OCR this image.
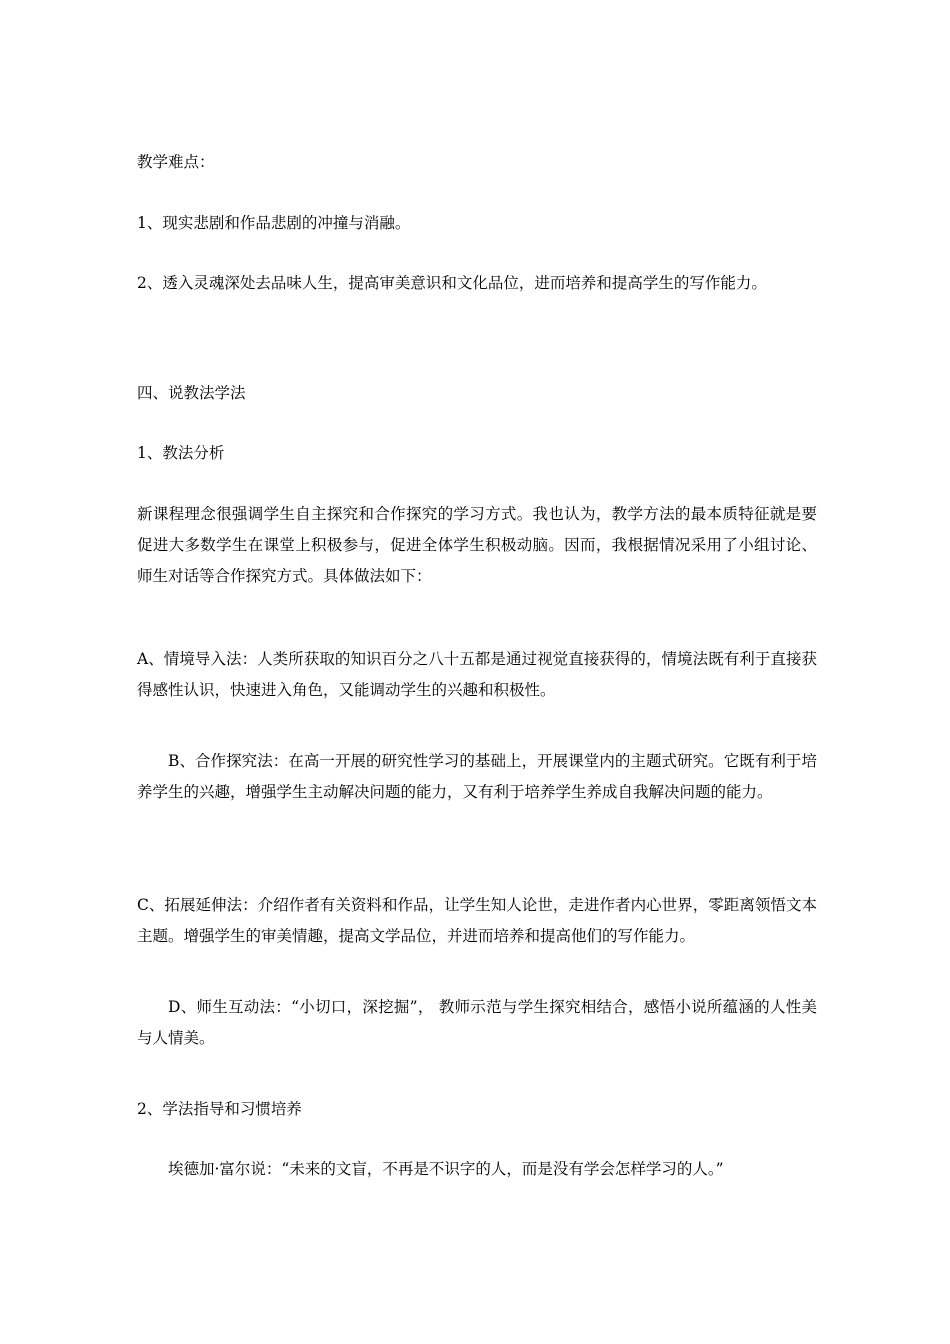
教学难点：
1、现实悲剧和作品悲剧的冲撞与消融。
2、透入灵魂深处去品味人生，提高审美意识和文化品位，进而培养和提高学生的写作能力。
四、说教法学法
1、教法分析
新课程理念很强调学生自主探究和合作探究的学习方式。我也认为，教学方法的最本质特征就是要促进大多数学生在课堂上积极参与，促进全体学生积极动脑。因而，我根据情况采用了小组讨论、师生对话等合作探究方式。具体做法如下：
A、情境导入法：人类所获取的知识百分之八十五都是通过视觉直接获得的，情境法既有利于直接获得感性认识，快速进入角色，又能调动学生的兴趣和积极性。
B、合作探究法：在高一开展的研究性学习的基础上，开展课堂内的主题式研究。它既有利于培养学生的兴趣，增强学生主动解决问题的能力，又有利于培养学生养成自我解决问题的能力。
C、拓展延伸法：介绍作者有关资料和作品，让学生知人论世，走进作者内心世界，零距离领悟文本主题。增强学生的审美情趣，提高文学品位，并进而培养和提高他们的写作能力。
D、师生互动法：“小切口，深挖掘”， 教师示范与学生探究相结合，感悟小说所蕴涵的人性美与人情美。
2、学法指导和习惯培养
埃德加·富尔说：“未来的文盲，不再是不识字的人，而是没有学会怎样学习的人。”
